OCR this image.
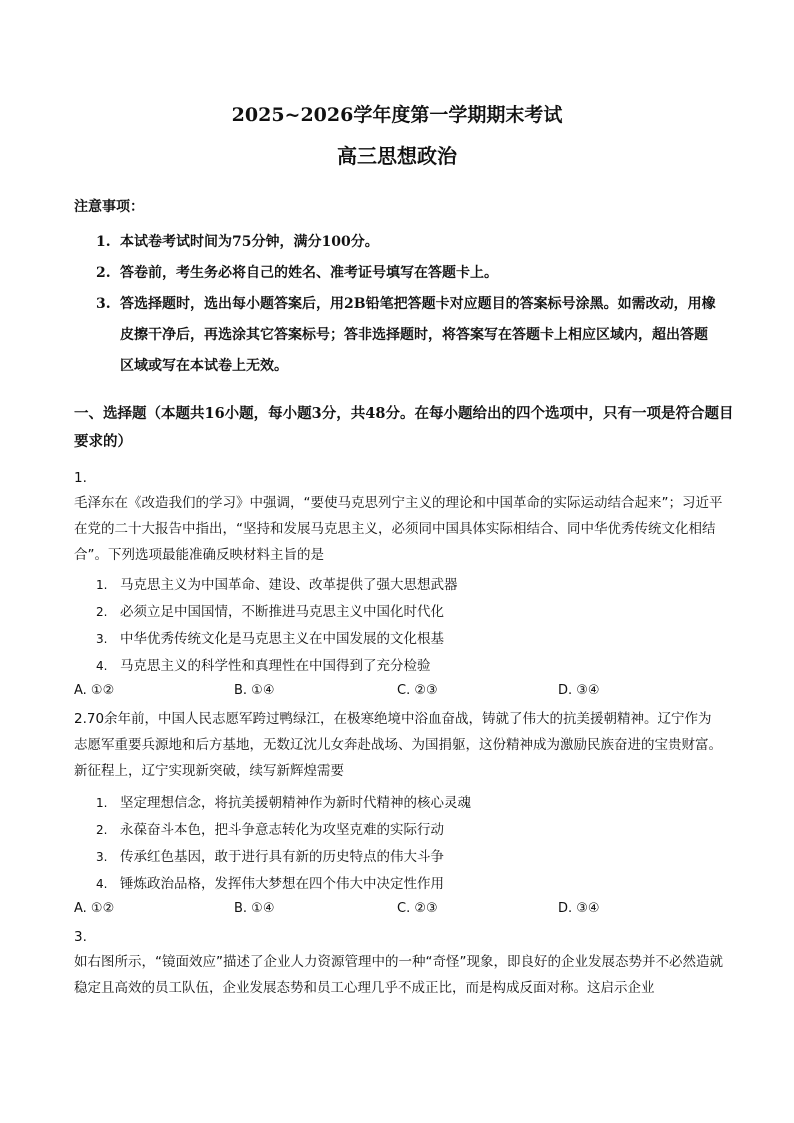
2025~2026学年度第一学期期末考试
高三思想政治
注意事项：
1. 本试卷考试时间为75分钟，满分100分。
2. 答卷前，考生务必将自己的姓名、准考证号填写在答题卡上。
3. 答选择题时，选出每小题答案后，用2B铅笔把答题卡对应题目的答案标号涂黑。如需改动，用橡皮擦干净后，再选涂其它答案标号；答非选择题时，将答案写在答题卡上相应区域内，超出答题区域或写在本试卷上无效。
一、选择题（本题共16小题，每小题3分，共48分。在每小题给出的四个选项中，只有一项是符合题目要求的）
1.
毛泽东在《改造我们的学习》中强调，“要使马克思列宁主义的理论和中国革命的实际运动结合起来”；习近平在党的二十大报告中指出，“坚持和发展马克思主义，必须同中国具体实际相结合、同中华优秀传统文化相结合”。下列选项最能准确反映材料主旨的是
1. 马克思主义为中国革命、建设、改革提供了强大思想武器
2. 必须立足中国国情，不断推进马克思主义中国化时代化
3. 中华优秀传统文化是马克思主义在中国发展的文化根基
4. 马克思主义的科学性和真理性在中国得到了充分检验
A. ①②	B. ①④	C. ②③	D. ③④
2.70余年前，中国人民志愿军跨过鸭绿江，在极寒绝境中浴血奋战，铸就了伟大的抗美援朝精神。辽宁作为志愿军重要兵源地和后方基地，无数辽沈儿女奔赴战场、为国捐躯，这份精神成为激励民族奋进的宝贵财富。新征程上，辽宁实现新突破，续写新辉煌需要
1. 坚定理想信念，将抗美援朝精神作为新时代精神的核心灵魂
2. 永葆奋斗本色，把斗争意志转化为攻坚克难的实际行动
3. 传承红色基因，敢于进行具有新的历史特点的伟大斗争
4. 锤炼政治品格，发挥伟大梦想在四个伟大中决定性作用
A. ①②	B. ①④	C. ②③	D. ③④
3.
如右图所示，“镜面效应”描述了企业人力资源管理中的一种“奇怪”现象，即良好的企业发展态势并不必然造就稳定且高效的员工队伍，企业发展态势和员工心理几乎不成正比，而是构成反面对称。这启示企业
